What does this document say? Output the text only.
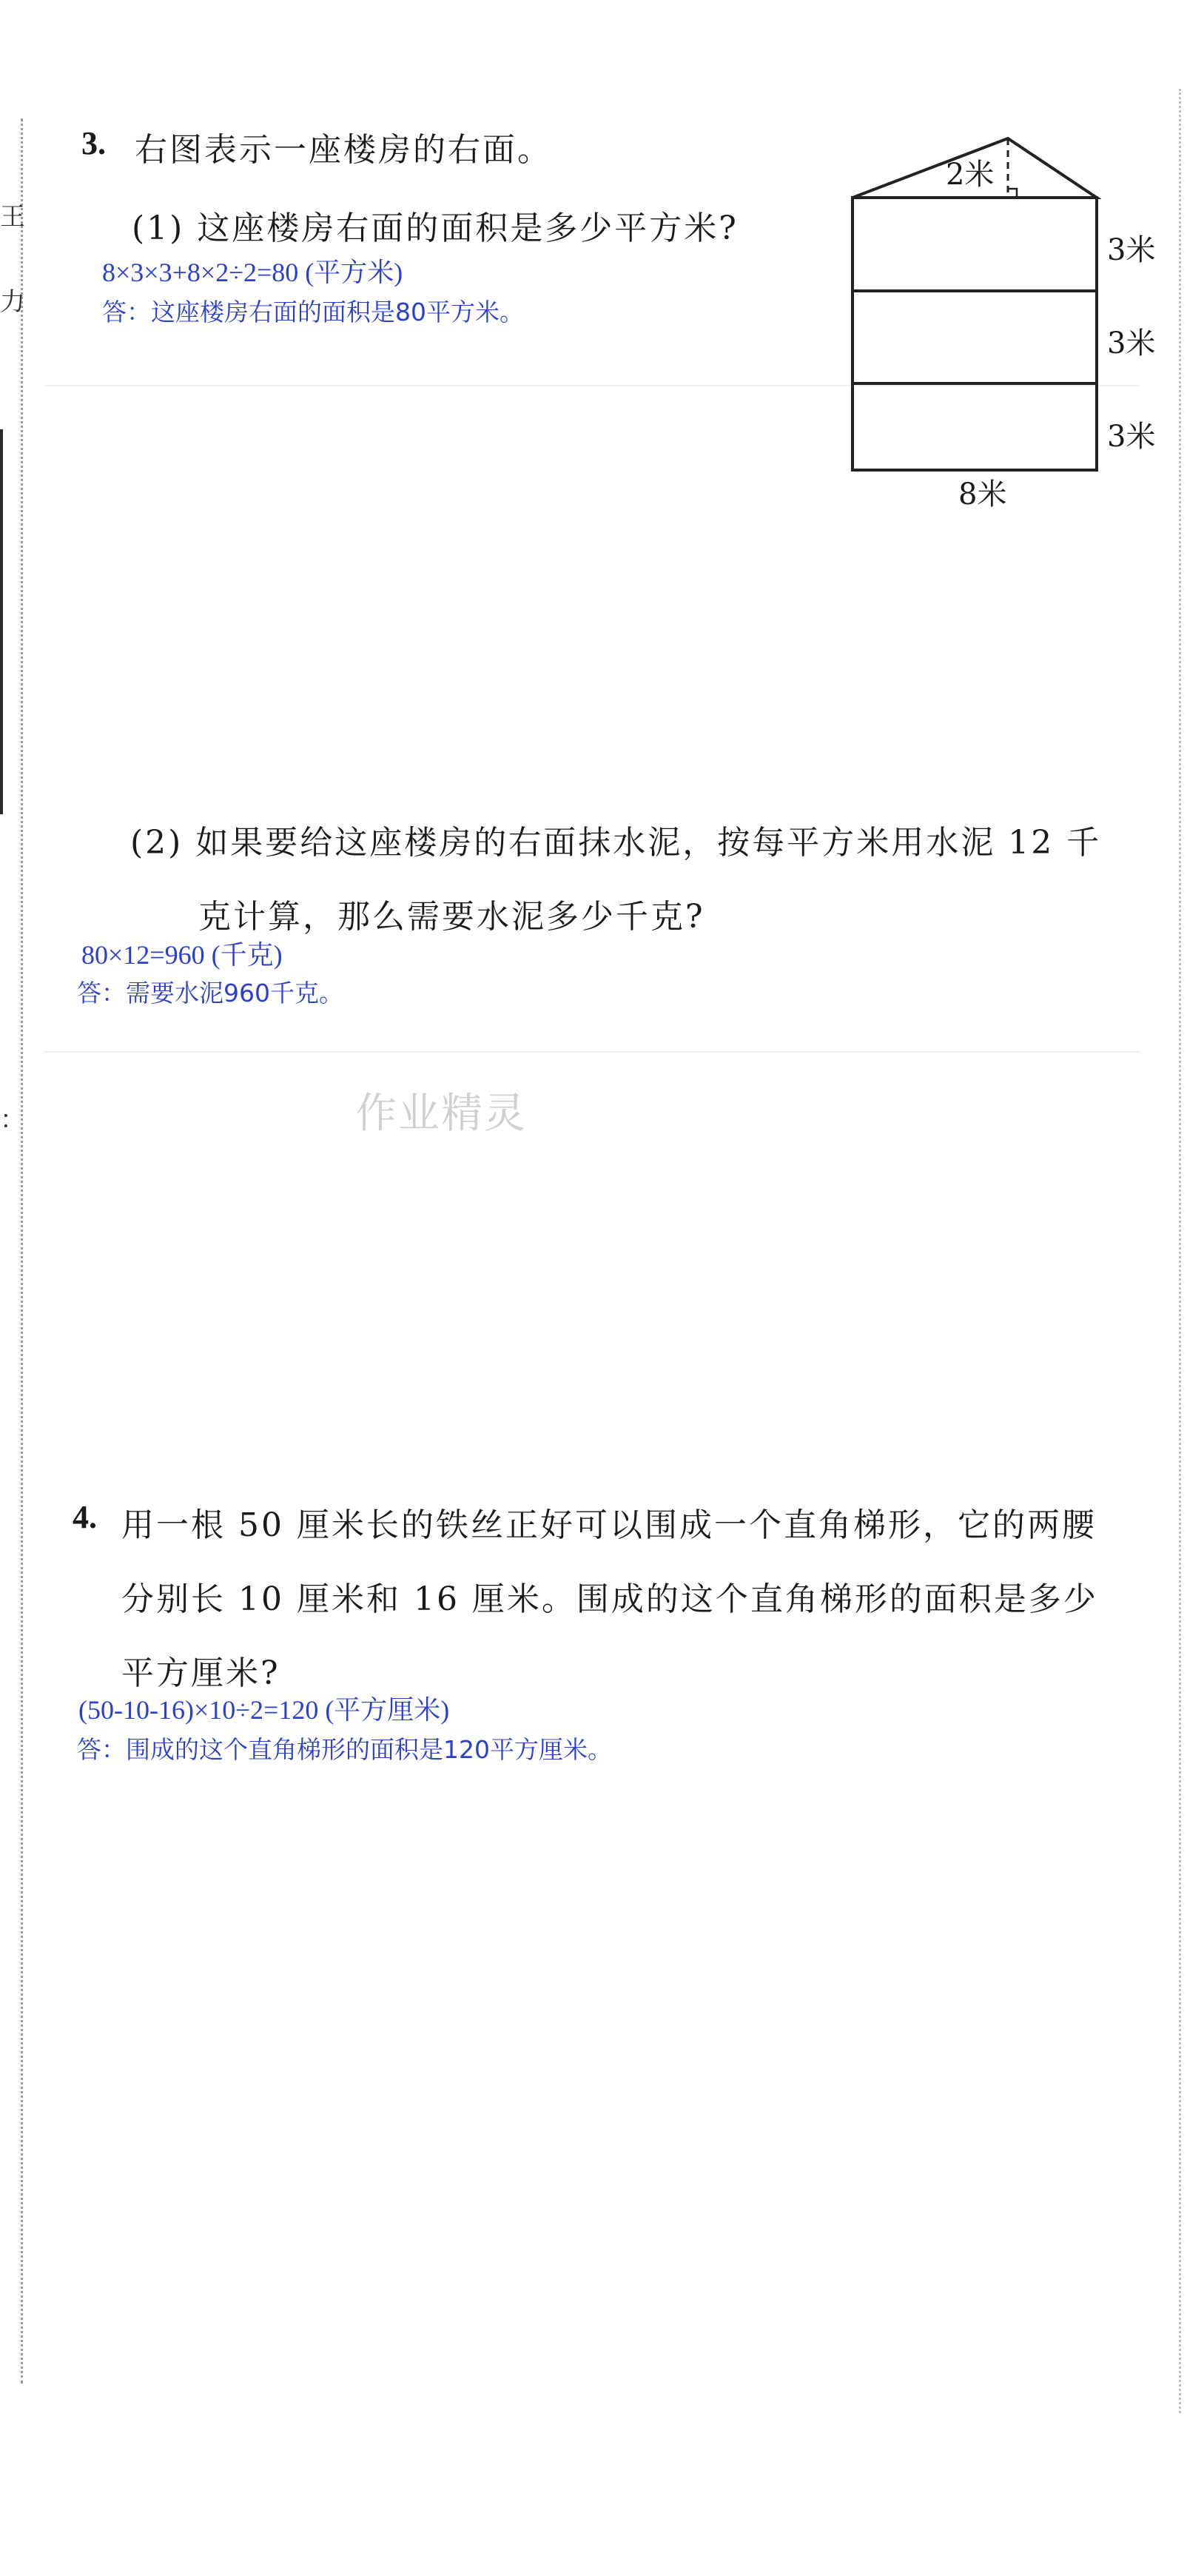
王
力
：
3. 右图表示一座楼房的右面。
(1) 这座楼房右面的面积是多少平方米?
8×3×3+8×2÷2=80 (平方米)
答：这座楼房右面的面积是80平方米。
2米
3米
3米
3米
8米
(2) 如果要给这座楼房的右面抹水泥，按每平方米用水泥 12 千
克计算，那么需要水泥多少千克?
80×12=960 (千克)
答：需要水泥960千克。
作业精灵
4. 用一根 50 厘米长的铁丝正好可以围成一个直角梯形，它的两腰
分别长 10 厘米和 16 厘米。围成的这个直角梯形的面积是多少
平方厘米?
(50-10-16)×10÷2=120 (平方厘米)
答：围成的这个直角梯形的面积是120平方厘米。
